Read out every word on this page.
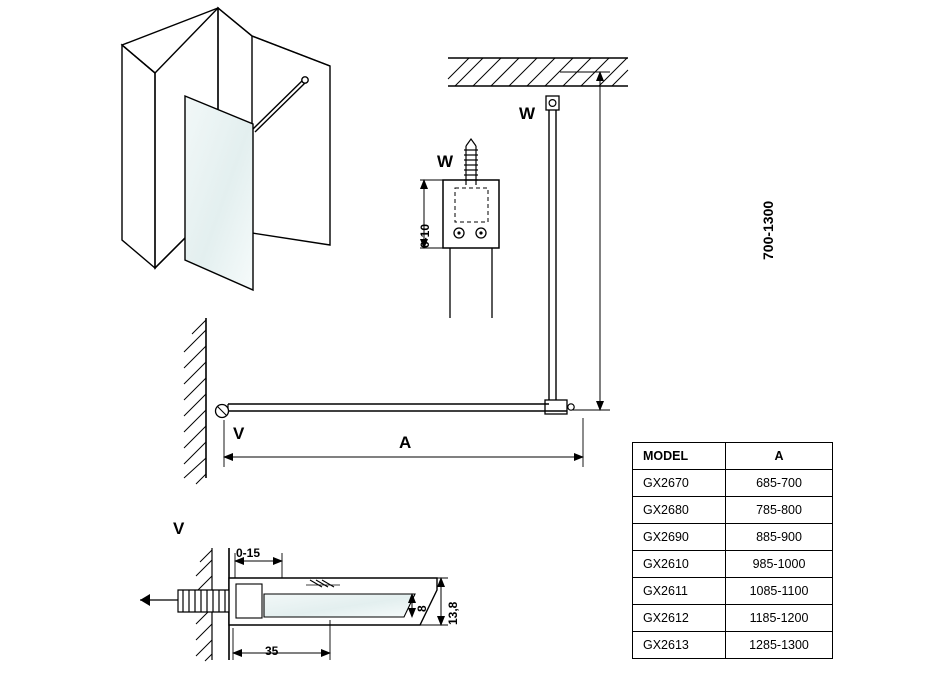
W
W
V
V
700-1300
A
0-10
0-15
35
8 13,8
MODEL	A
GX2670	685-700
GX2680	785-800
GX2690	885-900
GX2610	985-1000
GX2611	1085-1100
GX2612	1185-1200
GX2613	1285-1300
